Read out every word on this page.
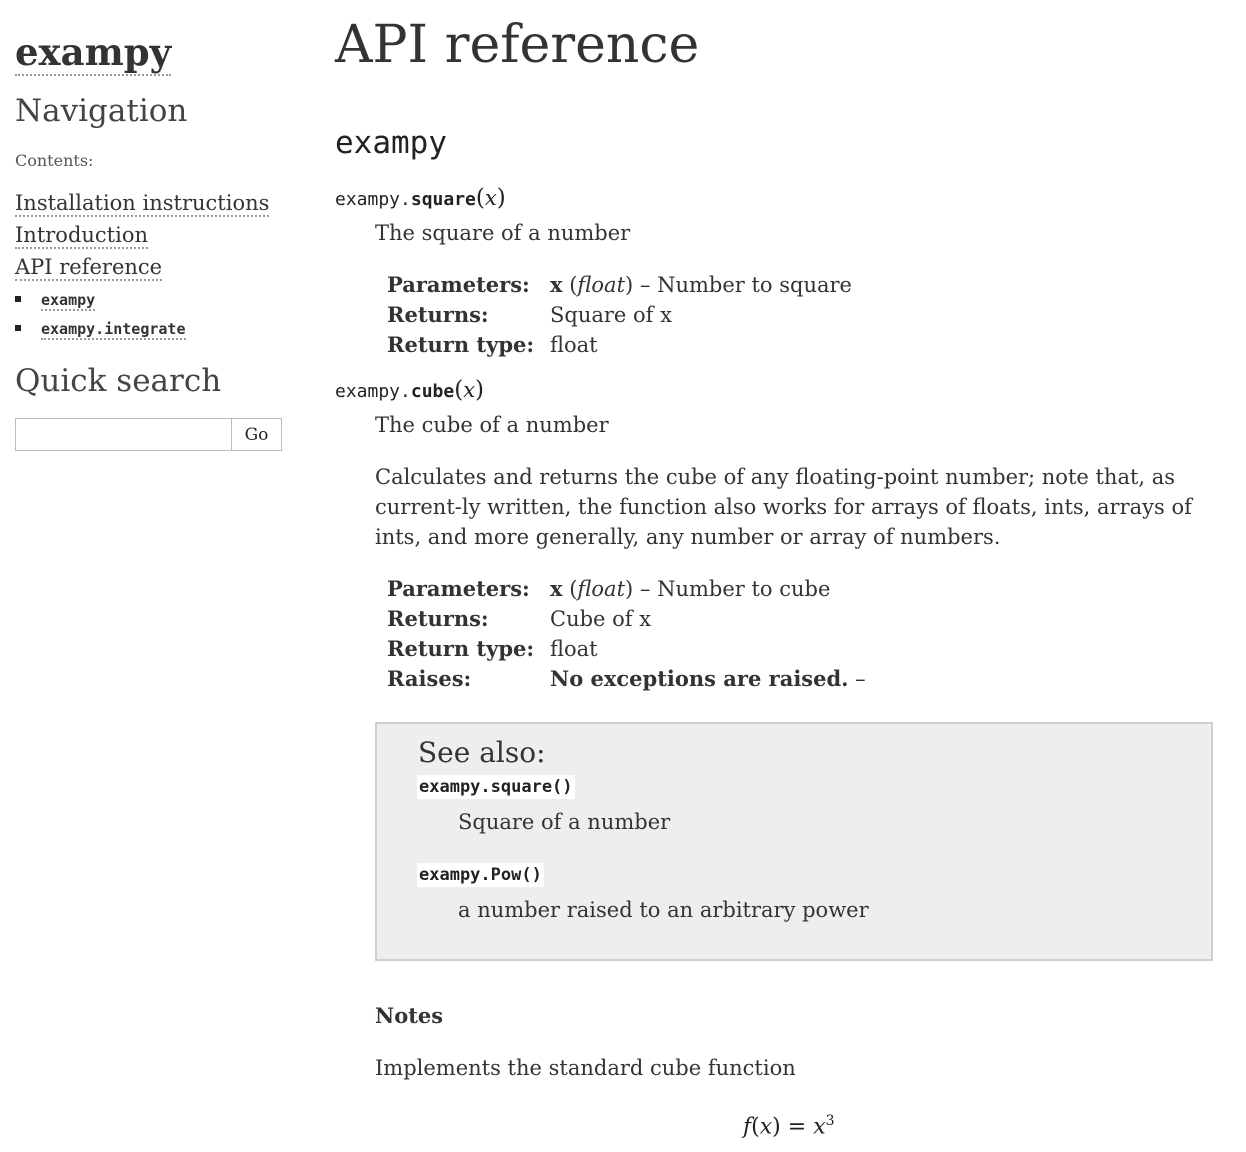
exampy
Navigation
Contents:
Installation instructions
Introduction
API reference
exampy
exampy.integrate
Quick search
Go
API reference
exampy
exampy.square(x)
The square of a number
Parameters: x (float) – Number to square
Returns:	Square of x
Return type: float
exampy.cube(x)
The cube of a number
Calculates and returns the cube of any floating-point number; note that, as current-ly written, the function also works for arrays of floats, ints, arrays of ints, and more generally, any number or array of numbers.
Parameters: x (float) – Number to cube
Returns:	Cube of x
Return type: float
Raises:	No exceptions are raised. –
See also:
exampy.square()
Square of a number
exampy.Pow()
a number raised to an arbitrary power
Notes
Implements the standard cube function
$f(x) = x^3$
